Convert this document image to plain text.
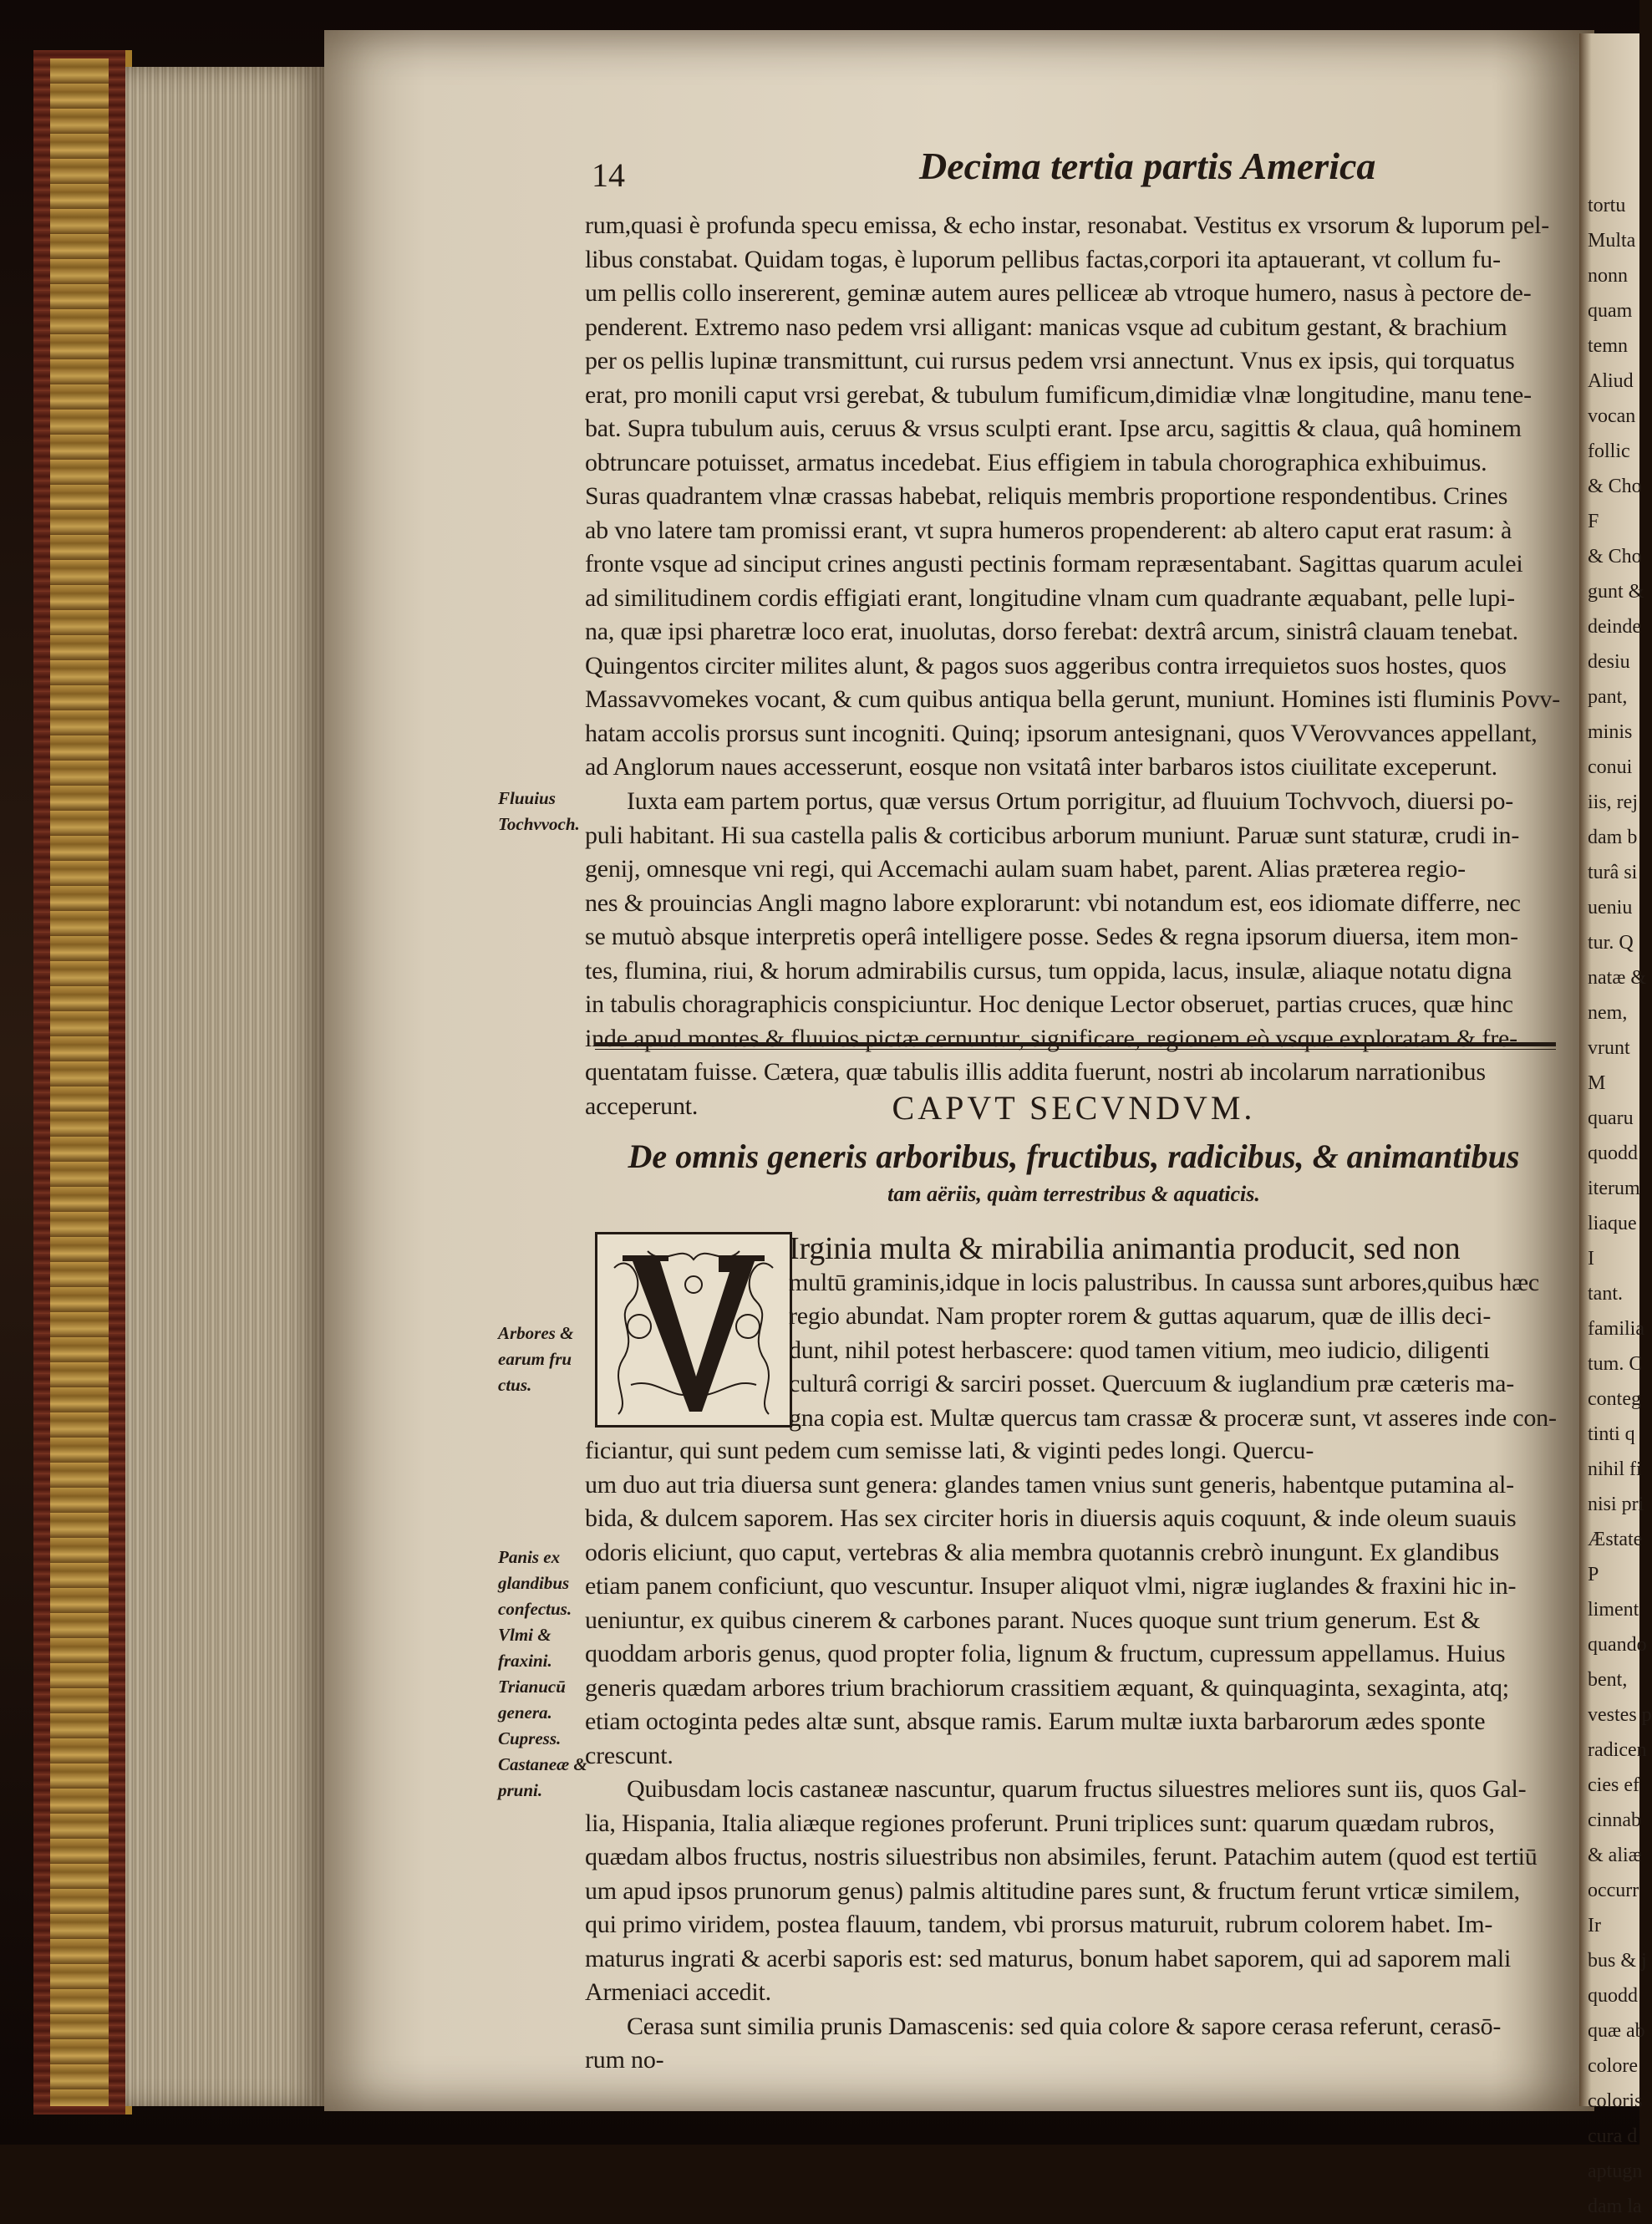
tortu
Multa
nonn
quam
temn
Aliud
vocan
follic
& Cho
F
& Cho
gunt &
deinde
desiu
pant,
minis
conui
iis, rej
dam b
turâ si
ueniu
tur. Q
natæ &
nem,
vrunt
M
quaru
quodd
iterum
liaque
I
tant.
familia
tum. C
conteg
tinti q
nihil fi
nisi pri
Æstate
P
liment
quando
bent,
vestes p
radicen
cies ef
cinnab
& aliæ
occurr
Ir
bus & j
quodd
quæ ab
colore
coloris
cura d
aptugn
dam la
14	Decima tertia partis America
rum,quasi è profunda specu emissa, & echo instar, resonabat. Vestitus ex vrsorum & luporum pel-
libus constabat. Quidam togas, è luporum pellibus factas,corpori ita aptauerant, vt collum fu-
um pellis collo insererent, geminæ autem aures pelliceæ ab vtroque humero, nasus à pectore de-
penderent. Extremo naso pedem vrsi alligant: manicas vsque ad cubitum gestant, & brachium
per os pellis lupinæ transmittunt, cui rursus pedem vrsi annectunt. Vnus ex ipsis, qui torquatus
erat, pro monili caput vrsi gerebat, & tubulum fumificum,dimidiæ vlnæ longitudine, manu tene-
bat. Supra tubulum auis, ceruus & vrsus sculpti erant. Ipse arcu, sagittis & claua, quâ hominem
obtruncare potuisset, armatus incedebat. Eius effigiem in tabula chorographica exhibuimus.
Suras quadrantem vlnæ crassas habebat, reliquis membris proportione respondentibus. Crines
ab vno latere tam promissi erant, vt supra humeros propenderent: ab altero caput erat rasum: à
fronte vsque ad sinciput crines angusti pectinis formam repræsentabant. Sagittas quarum aculei
ad similitudinem cordis effigiati erant, longitudine vlnam cum quadrante æquabant, pelle lupi-
na, quæ ipsi pharetræ loco erat, inuolutas, dorso ferebat: dextrâ arcum, sinistrâ clauam tenebat.
Quingentos circiter milites alunt, & pagos suos aggeribus contra irrequietos suos hostes, quos
Massavvomekes vocant, & cum quibus antiqua bella gerunt, muniunt. Homines isti fluminis Povv-
hatam accolis prorsus sunt incogniti. Quinq; ipsorum antesignani, quos VVerovvances appellant,
ad Anglorum naues accesserunt, eosque non vsitatâ inter barbaros istos ciuilitate exceperunt.
Iuxta eam partem portus, quæ versus Ortum porrigitur, ad fluuium Tochvvoch, diuersi po-
puli habitant. Hi sua castella palis & corticibus arborum muniunt. Paruæ sunt staturæ, crudi in-
genij, omnesque vni regi, qui Accemachi aulam suam habet, parent. Alias præterea regio-
nes & prouincias Angli magno labore explorarunt: vbi notandum est, eos idiomate differre, nec
se mutuò absque interpretis operâ intelligere posse. Sedes & regna ipsorum diuersa, item mon-
tes, flumina, riui, & horum admirabilis cursus, tum oppida, lacus, insulæ, aliaque notatu digna
in tabulis choragraphicis conspiciuntur. Hoc denique Lector obseruet, partias cruces, quæ hinc
inde apud montes & fluuios pictæ cernuntur, significare, regionem eò vsque exploratam & fre-
quentatam fuisse. Cætera, quæ tabulis illis addita fuerunt, nostri ab incolarum narrationibus
acceperunt.
Fluuius
Tochvvoch.
Arbores &
earum fru
ctus.
Panis ex
glandibus
confectus.
Vlmi &
fraxini.
Trianucū
genera.
Cupress.
Castaneæ &
pruni.
CAPVT SECVNDVM.
De omnis generis arboribus, fructibus, radicibus, & animantibus
tam aëriis, quàm terrestribus & aquaticis.
Irginia multa & mirabilia animantia producit, sed non
multū graminis,idque in locis palustribus. In caussa sunt arbores,quibus hæc
regio abundat. Nam propter rorem & guttas aquarum, quæ de illis deci-
dunt, nihil potest herbascere: quod tamen vitium, meo iudicio, diligenti
culturâ corrigi & sarciri posset. Quercuum & iuglandium præ cæteris ma-
gna copia est. Multæ quercus tam crassæ & proceræ sunt, vt asseres inde con-
ficiantur, qui sunt pedem cum semisse lati, & viginti pedes longi. Quercu-
um duo aut tria diuersa sunt genera: glandes tamen vnius sunt generis, habentque putamina al-
bida, & dulcem saporem. Has sex circiter horis in diuersis aquis coquunt, & inde oleum suauis
odoris eliciunt, quo caput, vertebras & alia membra quotannis crebrò inungunt. Ex glandibus
etiam panem conficiunt, quo vescuntur. Insuper aliquot vlmi, nigræ iuglandes & fraxini hic in-
ueniuntur, ex quibus cinerem & carbones parant. Nuces quoque sunt trium generum. Est &
quoddam arboris genus, quod propter folia, lignum & fructum, cupressum appellamus. Huius
generis quædam arbores trium brachiorum crassitiem æquant, & quinquaginta, sexaginta, atq;
etiam octoginta pedes altæ sunt, absque ramis. Earum multæ iuxta barbarorum ædes sponte
crescunt.
Quibusdam locis castaneæ nascuntur, quarum fructus siluestres meliores sunt iis, quos Gal-
lia, Hispania, Italia aliæque regiones proferunt. Pruni triplices sunt: quarum quædam rubros,
quædam albos fructus, nostris siluestribus non absimiles, ferunt. Patachim autem (quod est tertiū
um apud ipsos prunorum genus) palmis altitudine pares sunt, & fructum ferunt vrticæ similem,
qui primo viridem, postea flauum, tandem, vbi prorsus maturuit, rubrum colorem habet. Im-
maturus ingrati & acerbi saporis est: sed maturus, bonum habet saporem, qui ad saporem mali
Armeniaci accedit.
Cerasa sunt similia prunis Damascenis: sed quia colore & sapore cerasa referunt, cerasō-
rum no-
